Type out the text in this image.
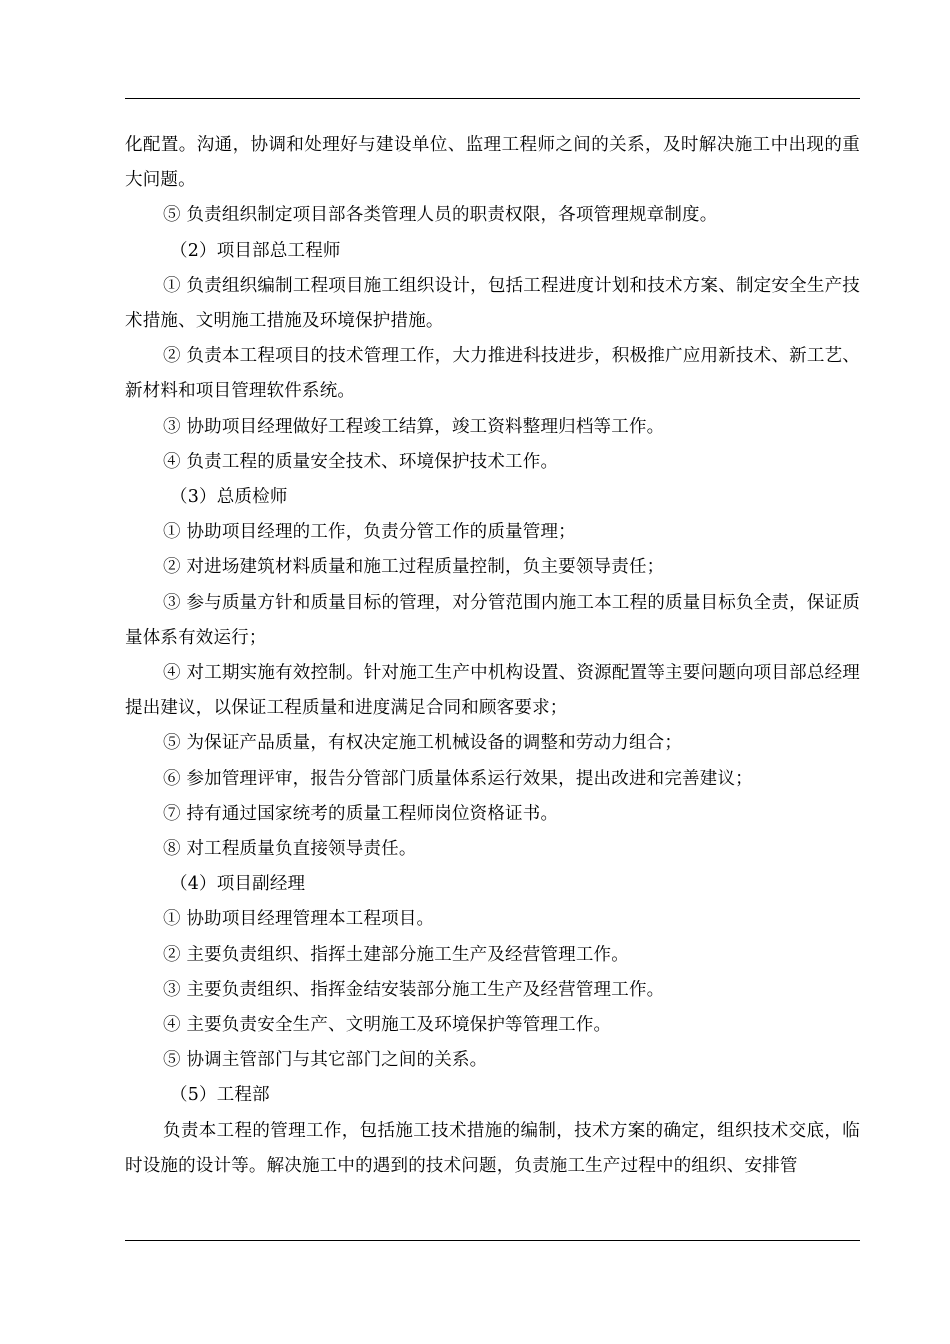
化配置。沟通，协调和处理好与建设单位、监理工程师之间的关系，及时解决施工中出现的重大问题。

⑤ 负责组织制定项目部各类管理人员的职责权限，各项管理规章制度。

（2）项目部总工程师

① 负责组织编制工程项目施工组织设计，包括工程进度计划和技术方案、制定安全生产技术措施、文明施工措施及环境保护措施。

② 负责本工程项目的技术管理工作，大力推进科技进步，积极推广应用新技术、新工艺、新材料和项目管理软件系统。

③ 协助项目经理做好工程竣工结算，竣工资料整理归档等工作。

④ 负责工程的质量安全技术、环境保护技术工作。

（3）总质检师

① 协助项目经理的工作，负责分管工作的质量管理；

② 对进场建筑材料质量和施工过程质量控制，负主要领导责任；

③ 参与质量方针和质量目标的管理，对分管范围内施工本工程的质量目标负全责，保证质量体系有效运行；

④ 对工期实施有效控制。针对施工生产中机构设置、资源配置等主要问题向项目部总经理提出建议，以保证工程质量和进度满足合同和顾客要求；

⑤ 为保证产品质量，有权决定施工机械设备的调整和劳动力组合；

⑥ 参加管理评审，报告分管部门质量体系运行效果，提出改进和完善建议；

⑦ 持有通过国家统考的质量工程师岗位资格证书。

⑧ 对工程质量负直接领导责任。

（4）项目副经理

① 协助项目经理管理本工程项目。

② 主要负责组织、指挥土建部分施工生产及经营管理工作。

③ 主要负责组织、指挥金结安装部分施工生产及经营管理工作。

④ 主要负责安全生产、文明施工及环境保护等管理工作。

⑤ 协调主管部门与其它部门之间的关系。

（5）工程部

负责本工程的管理工作，包括施工技术措施的编制，技术方案的确定，组织技术交底，临时设施的设计等。解决施工中的遇到的技术问题，负责施工生产过程中的组织、安排管
